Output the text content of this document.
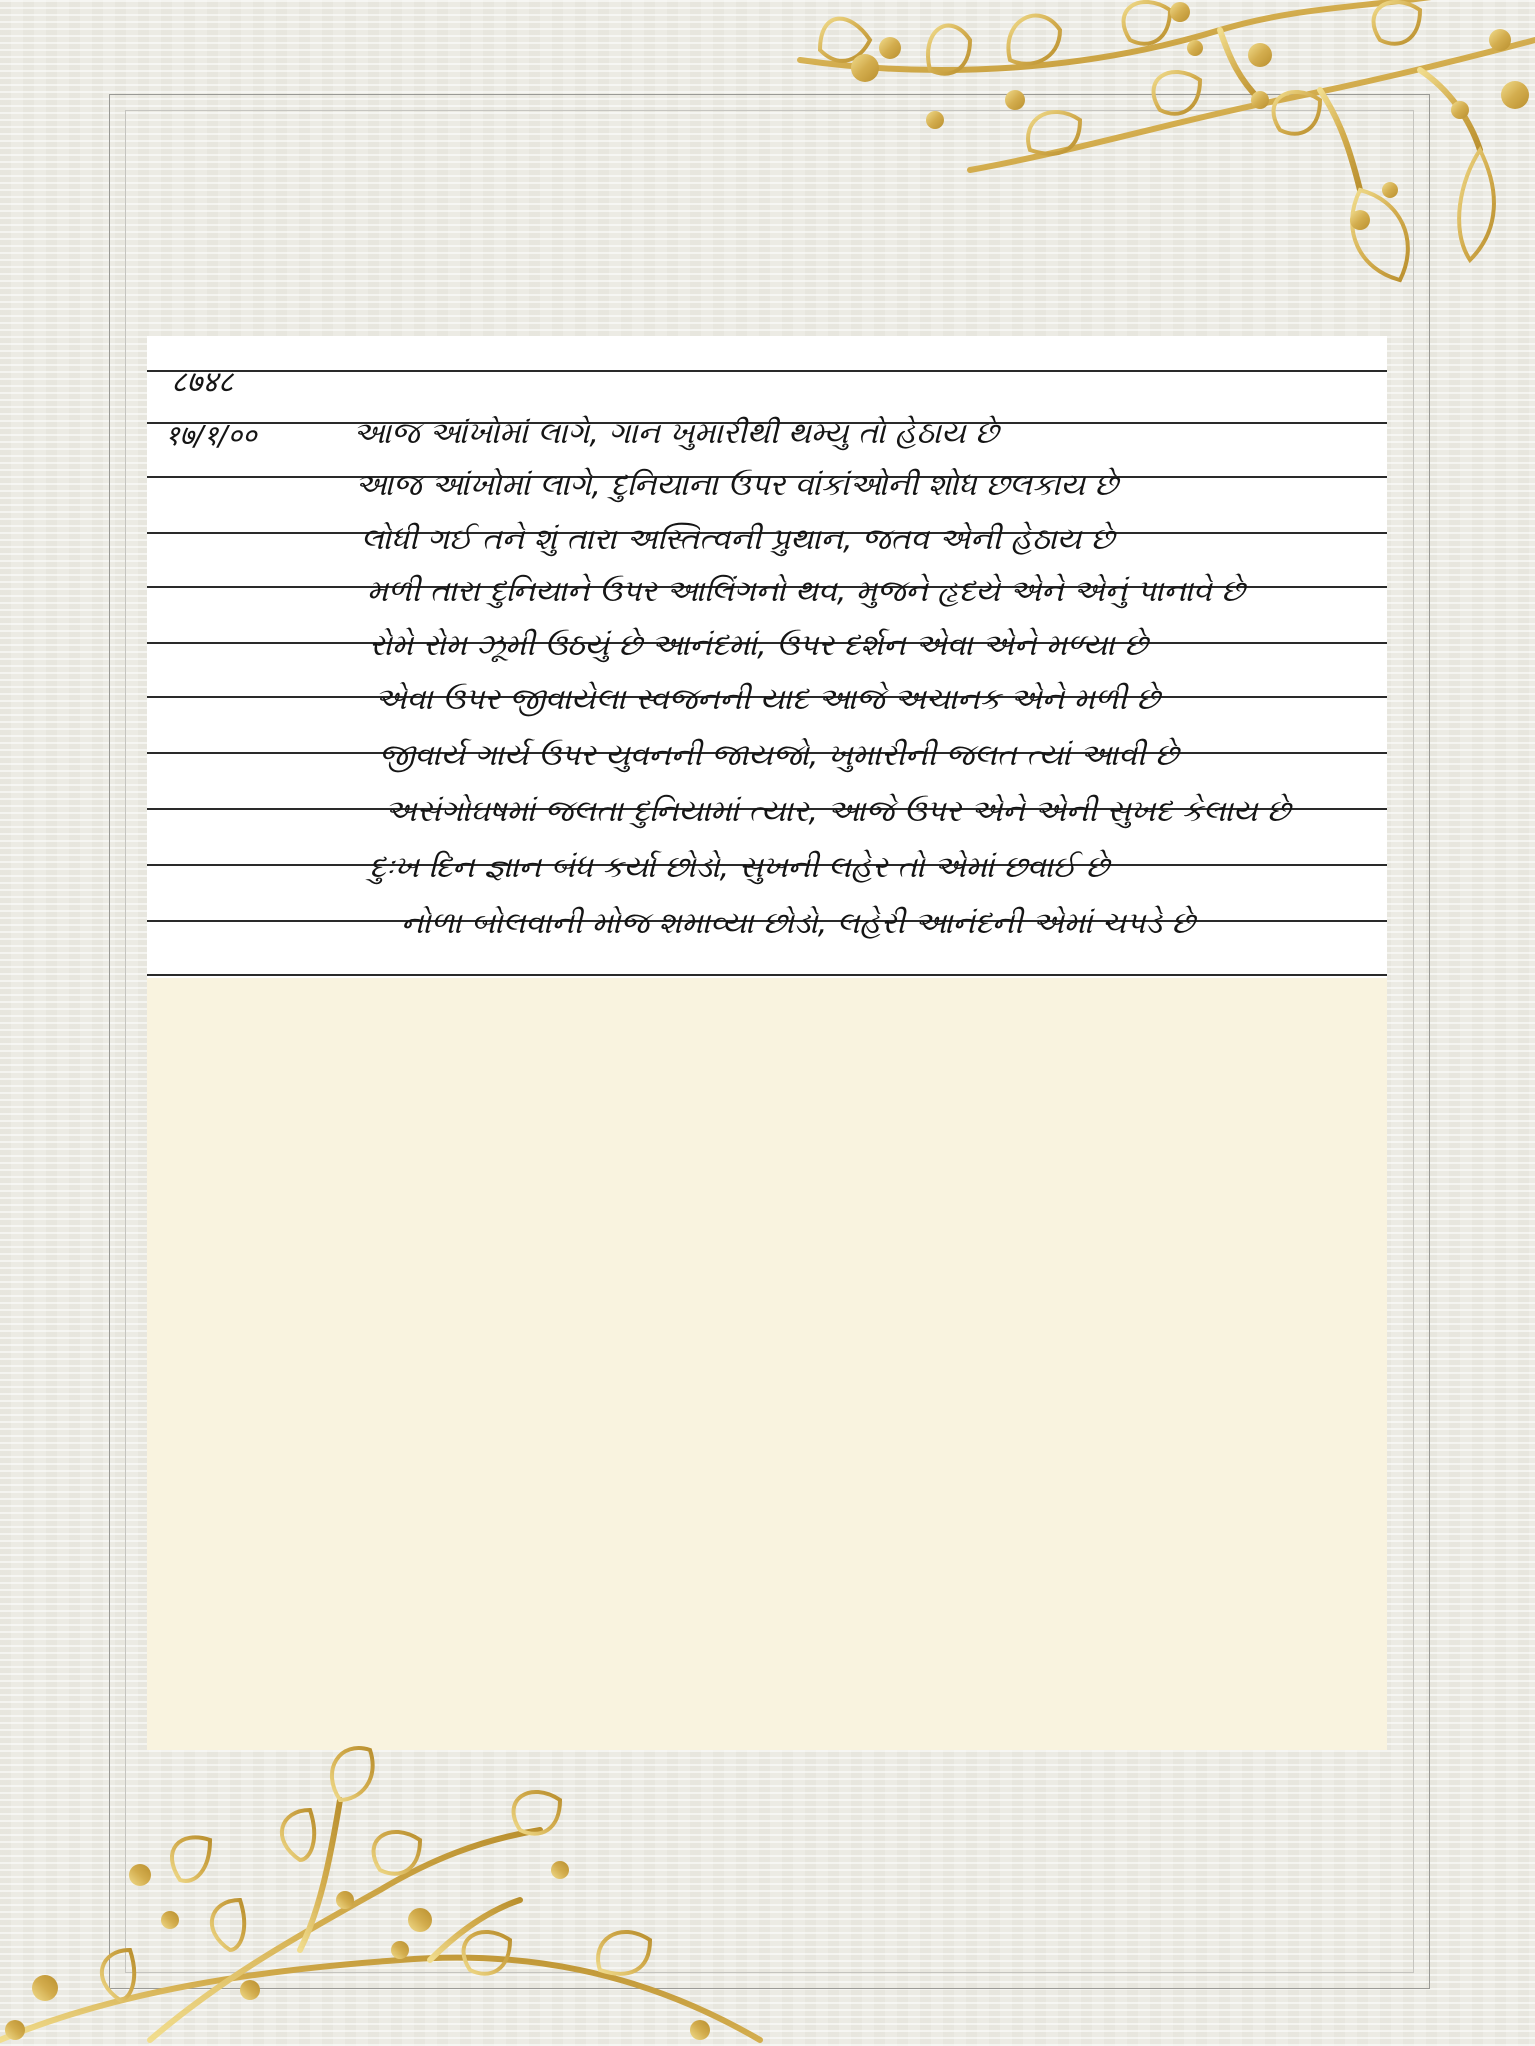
८७४८
१७/१/००	આજ આંખોમાં લાગે, ગાન ખુમારીથી થમ્યુ તો હેઠાય છે
આજ આંખોમાં લાગે, દુનિયાના ઉપર વાંકાંઓની શોધ છલકાય છે
લોધી ગઈ તને શું તારા અસ્તિત્વની પ્રુથાન, જતવ એની હેઠાય છે
મળી તારા દુનિયાને ઉપર આલિંગનો થવ, મુજને હૃદયે એને એનું પાનાવે છે
રોમે રોમ ઝૂમી ઉઠયું છે આનંદમાં, ઉપર દર્શન એવા એને મળ્યા છે
એવા ઉપર જીવાયેલા સ્વજનની યાદ આજે અચાનક એને મળી છે
જીવાર્ય ગાર્ય ઉપર યુવનની જાયજો, ખુમારીની જલત ત્યાં આવી છે
અસંગોઘષમાં જલતા દુનિયામાં ત્યાર, આજે ઉપર એને એની સુખદ કેલાય છે
દુઃખ દિન જ્ઞાન બંધ કર્યા છોડો, સુખની લહેર તો એમાં છવાઈ છે
નોળા બોલવાની મોજ શમાવ્યા છોડો, લહેરી આનંદની એમાં ચપડે છે
